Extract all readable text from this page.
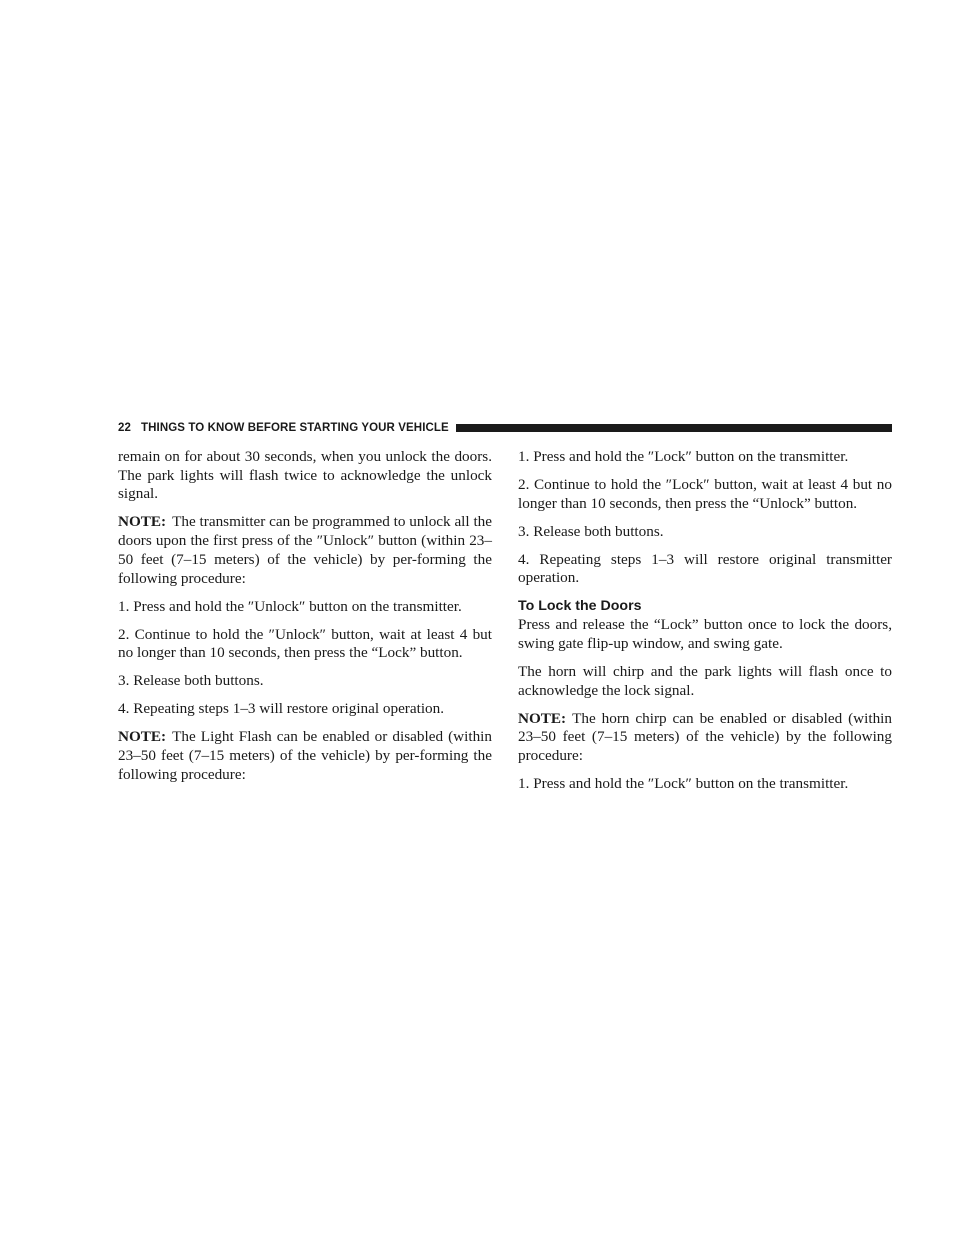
22 THINGS TO KNOW BEFORE STARTING YOUR VEHICLE

remain on for about 30 seconds, when you unlock the doors. The park lights will flash twice to acknowledge the unlock signal.

NOTE: The transmitter can be programmed to unlock all the doors upon the first press of the ″Unlock″ button (within 23–50 feet (7–15 meters) of the vehicle) by per-forming the following procedure:

1. Press and hold the ″Unlock″ button on the transmitter.

2. Continue to hold the ″Unlock″ button, wait at least 4 but no longer than 10 seconds, then press the “Lock” button.

3. Release both buttons.

4. Repeating steps 1–3 will restore original operation.

NOTE: The Light Flash can be enabled or disabled (within 23–50 feet (7–15 meters) of the vehicle) by per-forming the following procedure:

1. Press and hold the ″Lock″ button on the transmitter.

2. Continue to hold the ″Lock″ button, wait at least 4 but no longer than 10 seconds, then press the “Unlock” button.

3. Release both buttons.

4. Repeating steps 1–3 will restore original transmitter operation.

To Lock the Doors

Press and release the “Lock” button once to lock the doors, swing gate flip-up window, and swing gate.

The horn will chirp and the park lights will flash once to acknowledge the lock signal.

NOTE: The horn chirp can be enabled or disabled (within 23–50 feet (7–15 meters) of the vehicle) by the following procedure:

1. Press and hold the ″Lock″ button on the transmitter.
